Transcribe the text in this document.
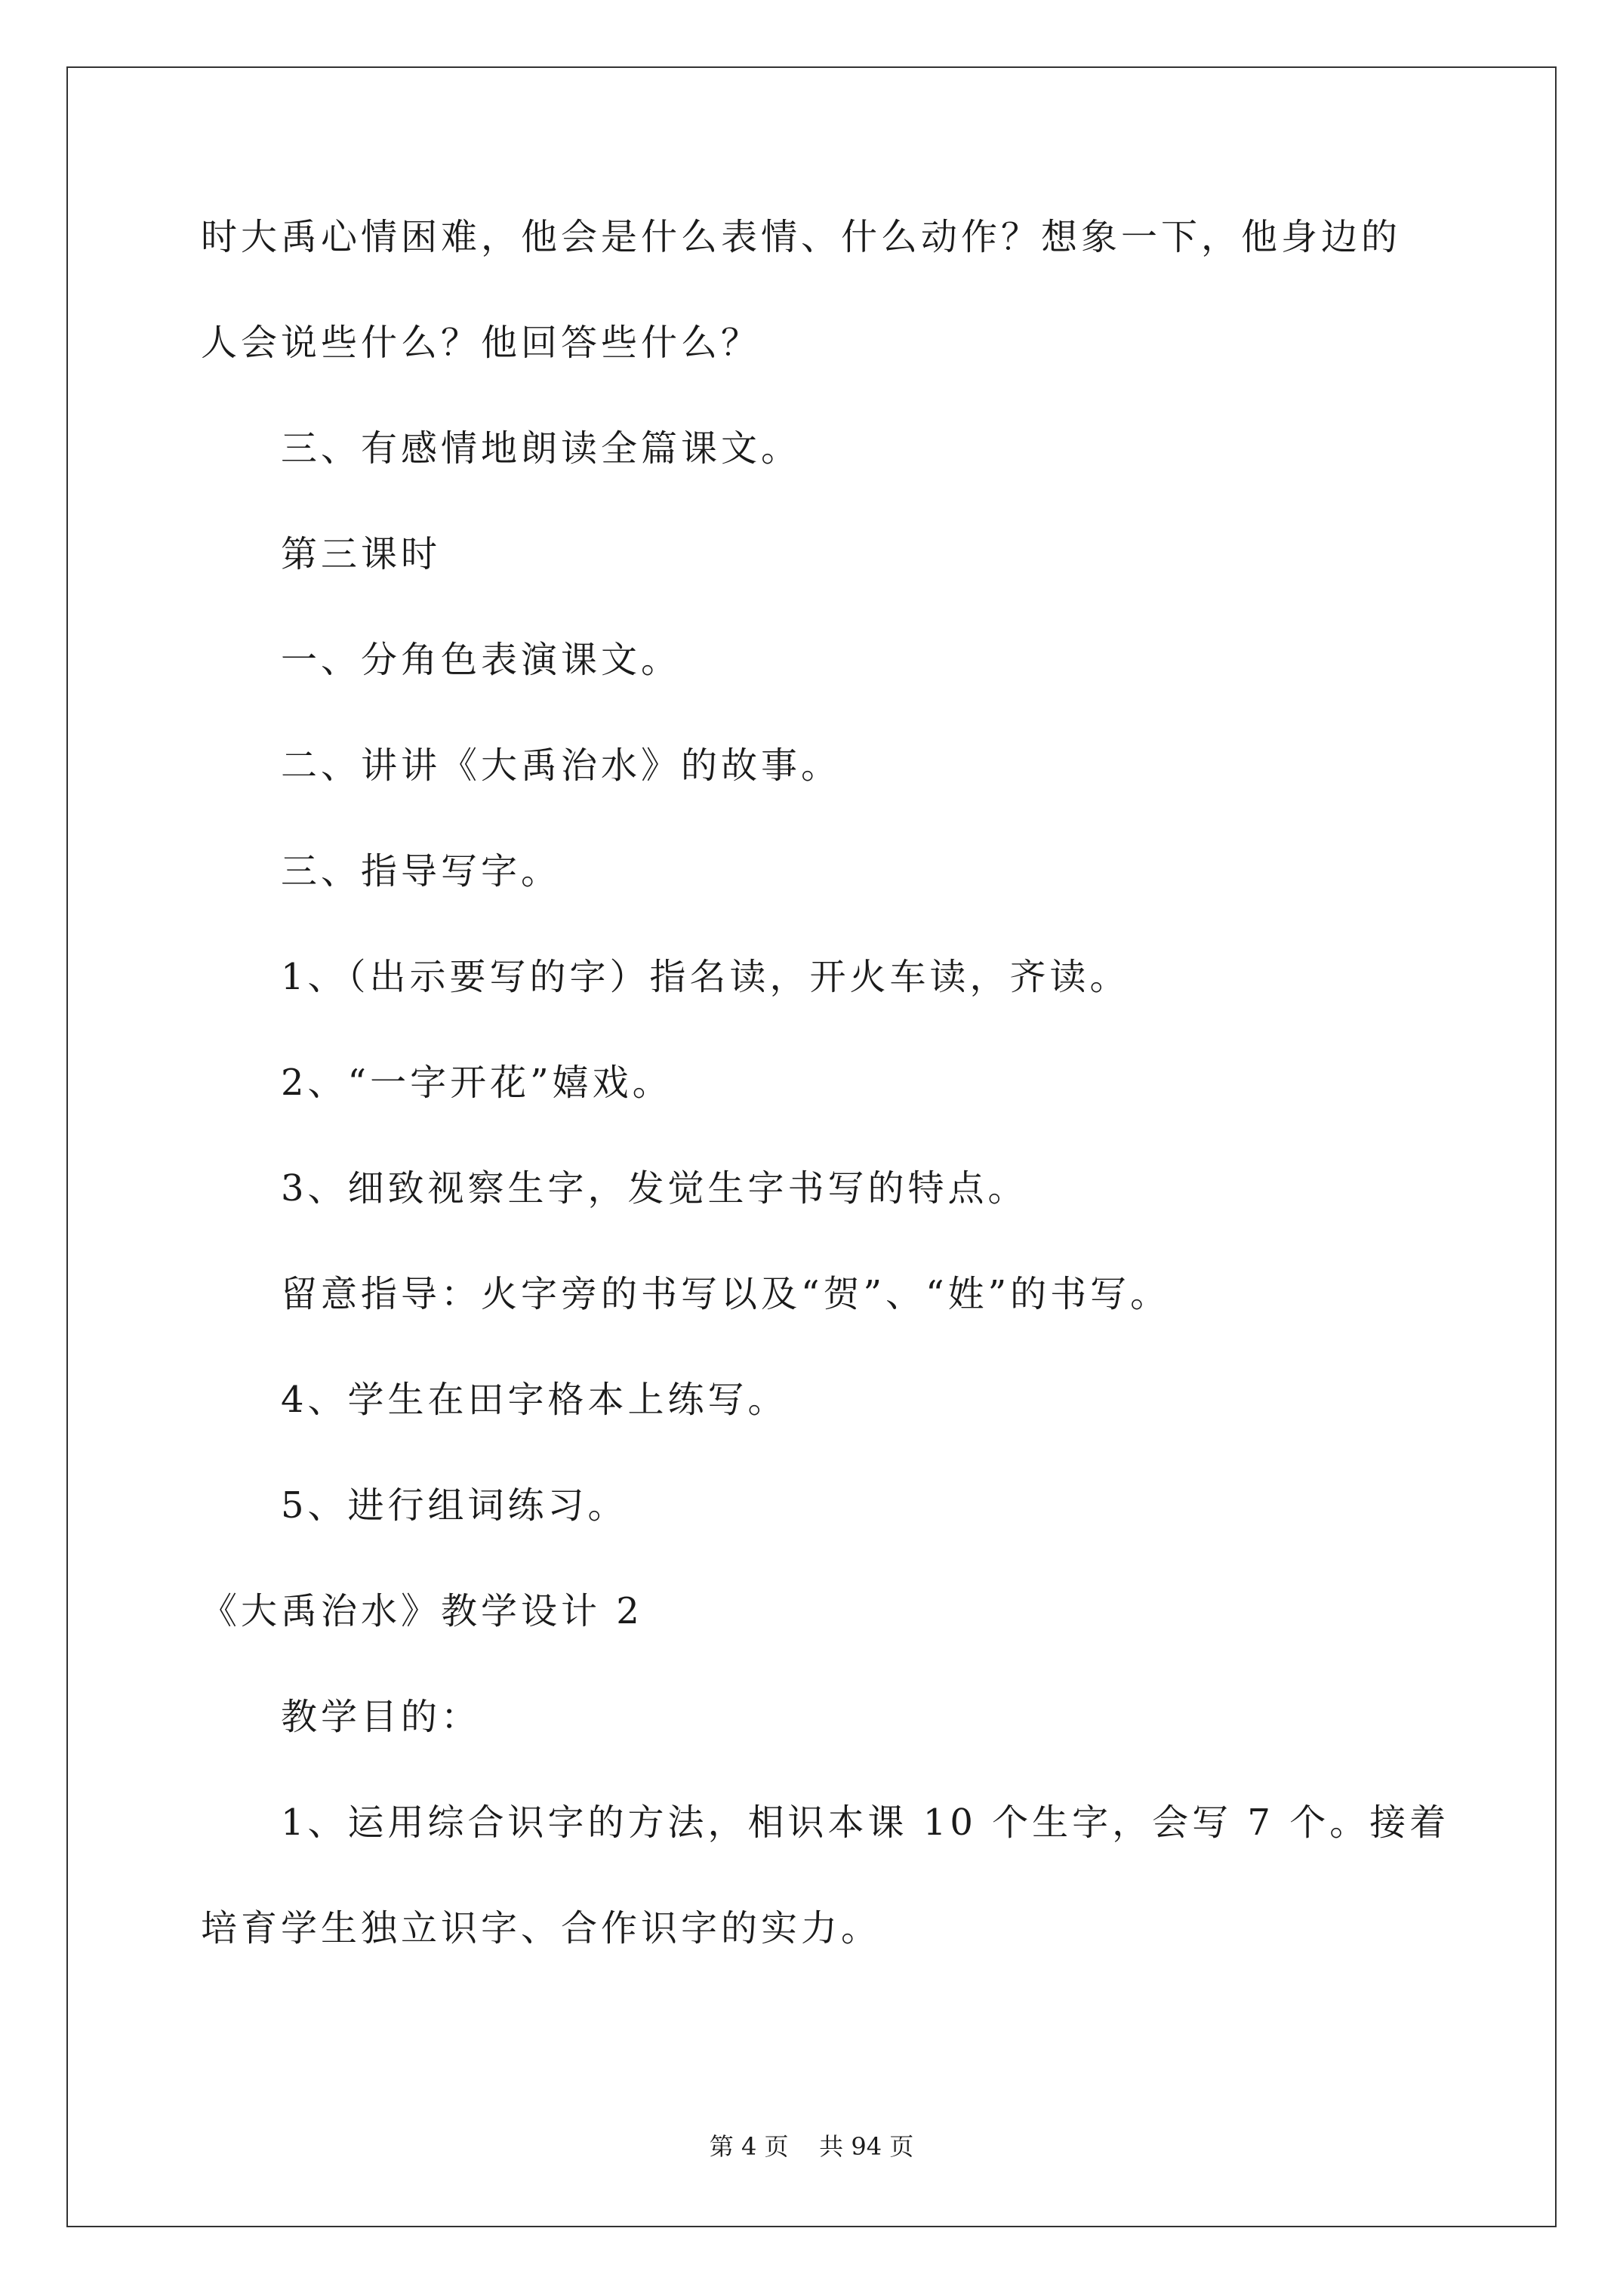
时大禹心情困难，他会是什么表情、什么动作？想象一下，他身边的
人会说些什么？他回答些什么？
三、有感情地朗读全篇课文。
第三课时
一、分角色表演课文。
二、讲讲《大禹治水》的故事。
三、指导写字。
1、（出示要写的字）指名读，开火车读，齐读。
2、“一字开花”嬉戏。
3、细致视察生字，发觉生字书写的特点。
留意指导：火字旁的书写以及“贺”、“姓”的书写。
4、学生在田字格本上练写。
5、进行组词练习。
《大禹治水》教学设计 2
教学目的：
1、运用综合识字的方法，相识本课 10 个生字，会写 7 个。接着
培育学生独立识字、合作识字的实力。
第 4 页    共 94 页
